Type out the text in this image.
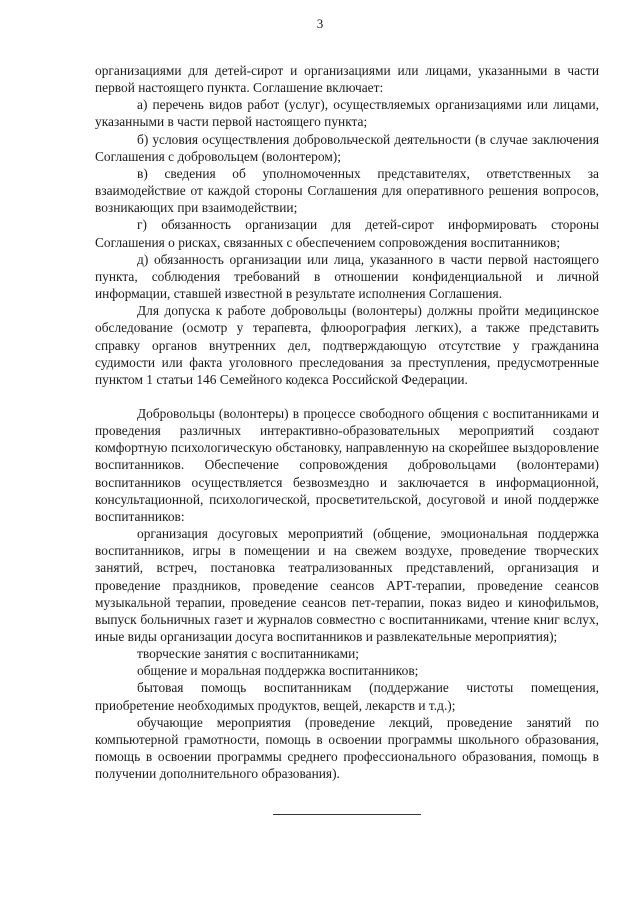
3

организациями для детей-сирот и организациями или лицами, указанными в части первой настоящего пункта. Соглашение включает:

а) перечень видов работ (услуг), осуществляемых организациями или лицами, указанными в части первой настоящего пункта;

б) условия осуществления добровольческой деятельности (в случае заключения Соглашения с добровольцем (волонтером);

в) сведения об уполномоченных представителях, ответственных за взаимодействие от каждой стороны Соглашения для оперативного решения вопросов, возникающих при взаимодействии;

г) обязанность организации для детей-сирот информировать стороны Соглашения о рисках, связанных с обеспечением сопровождения воспитанников;

д) обязанность организации или лица, указанного в части первой настоящего пункта, соблюдения требований в отношении конфиденциальной и личной информации, ставшей известной в результате исполнения Соглашения.

Для допуска к работе добровольцы (волонтеры) должны пройти медицинское обследование (осмотр у терапевта, флюорография легких), а также представить справку органов внутренних дел, подтверждающую отсутствие у гражданина судимости или факта уголовного преследования за преступления, предусмотренные пунктом 1 статьи 146 Семейного кодекса Российской Федерации.

Добровольцы (волонтеры) в процессе свободного общения с воспитанниками и проведения различных интерактивно-образовательных мероприятий создают комфортную психологическую обстановку, направленную на скорейшее выздоровление воспитанников. Обеспечение сопровождения добровольцами (волонтерами) воспитанников осуществляется безвозмездно и заключается в информационной, консультационной, психологической, просветительской, досуговой и иной поддержке воспитанников:

организация досуговых мероприятий (общение, эмоциональная поддержка воспитанников, игры в помещении и на свежем воздухе, проведение творческих занятий, встреч, постановка театрализованных представлений, организация и проведение праздников, проведение сеансов АРТ-терапии, проведение сеансов музыкальной терапии, проведение сеансов пет-терапии, показ видео и кинофильмов, выпуск больничных газет и журналов совместно с воспитанниками, чтение книг вслух, иные виды организации досуга воспитанников и развлекательные мероприятия);

творческие занятия с воспитанниками;

общение и моральная поддержка воспитанников;

бытовая помощь воспитанникам (поддержание чистоты помещения, приобретение необходимых продуктов, вещей, лекарств и т.д.);

обучающие мероприятия (проведение лекций, проведение занятий по компьютерной грамотности, помощь в освоении программы школьного образования, помощь в освоении программы среднего профессионального образования, помощь в получении дополнительного образования).
